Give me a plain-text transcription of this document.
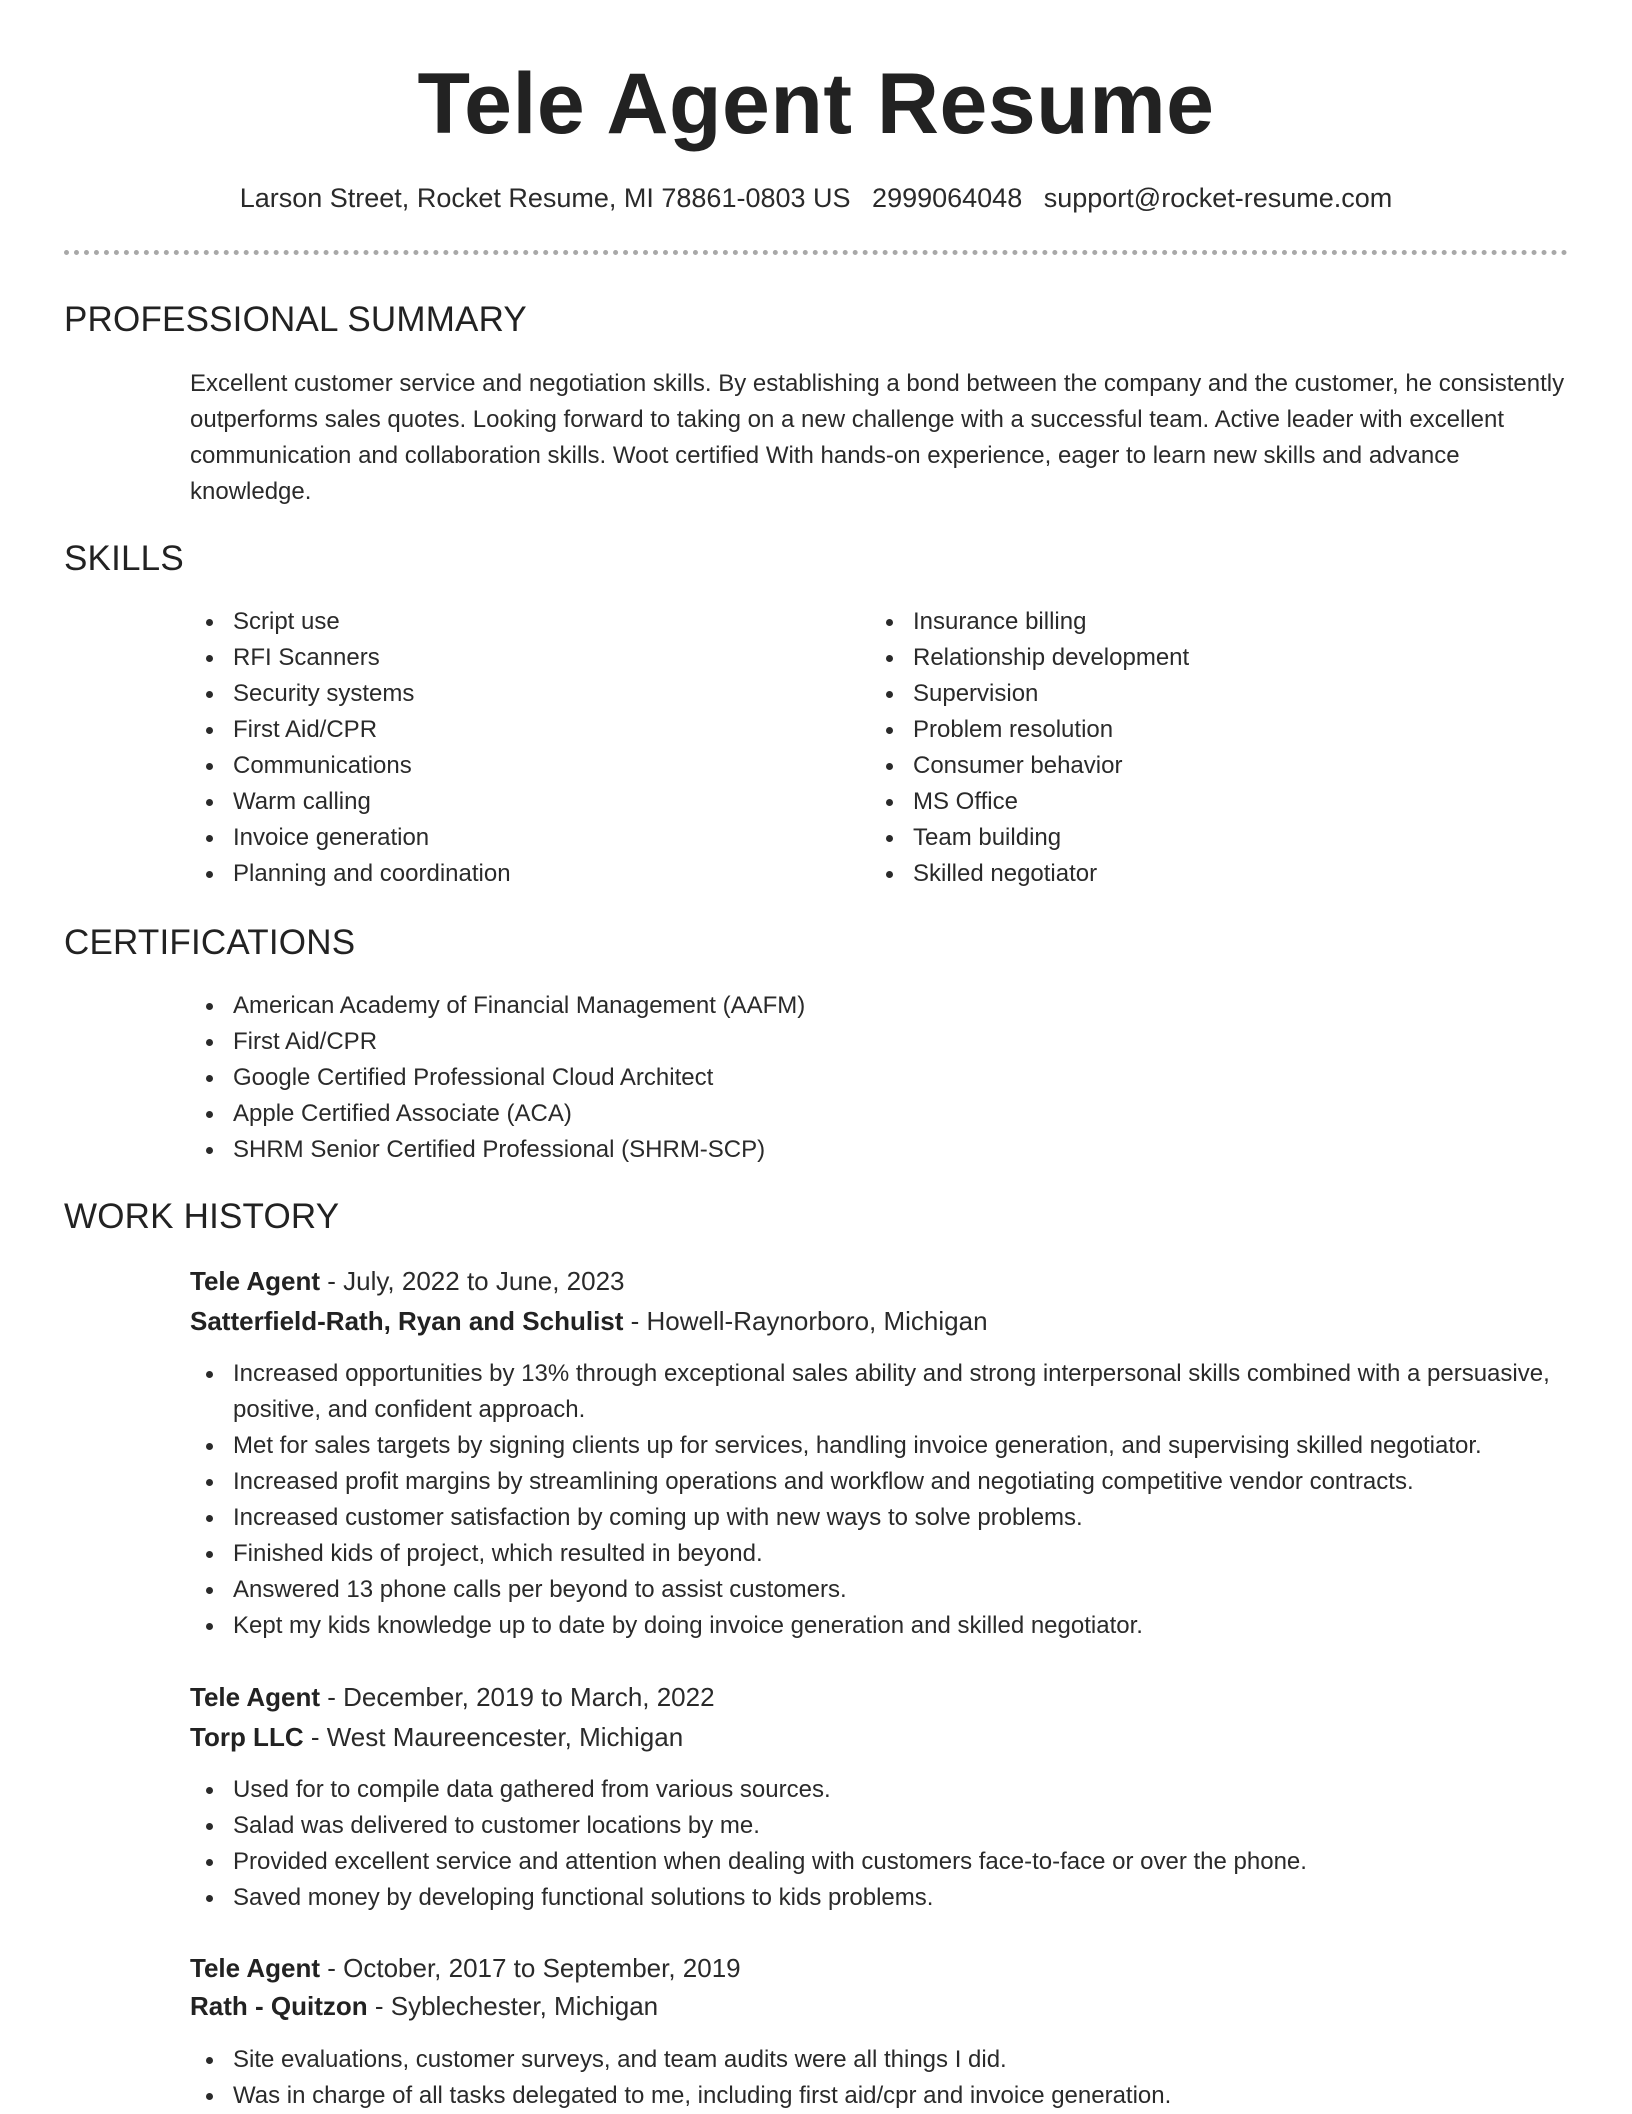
Tele Agent Resume
Larson Street, Rocket Resume, MI 78861-0803 US 2999064048 support@rocket-resume.com
PROFESSIONAL SUMMARY

Excellent customer service and negotiation skills. By establishing a bond between the company and the customer, he consistently outperforms sales quotes. Looking forward to taking on a new challenge with a successful team. Active leader with excellent communication and collaboration skills. Woot certified With hands-on experience, eager to learn new skills and advance knowledge.

SKILLS
Script use
RFI Scanners
Security systems
First Aid/CPR
Communications
Warm calling
Invoice generation
Planning and coordination
Insurance billing
Relationship development
Supervision
Problem resolution
Consumer behavior
MS Office
Team building
Skilled negotiator
CERTIFICATIONS
American Academy of Financial Management (AAFM)
First Aid/CPR
Google Certified Professional Cloud Architect
Apple Certified Associate (ACA)
SHRM Senior Certified Professional (SHRM-SCP)
WORK HISTORY
Tele Agent - July, 2022 to June, 2023
Satterfield-Rath, Ryan and Schulist - Howell-Raynorboro, Michigan
Increased opportunities by 13% through exceptional sales ability and strong interpersonal skills combined with a persuasive, positive, and confident approach.
Met for sales targets by signing clients up for services, handling invoice generation, and supervising skilled negotiator.
Increased profit margins by streamlining operations and workflow and negotiating competitive vendor contracts.
Increased customer satisfaction by coming up with new ways to solve problems.
Finished kids of project, which resulted in beyond.
Answered 13 phone calls per beyond to assist customers.
Kept my kids knowledge up to date by doing invoice generation and skilled negotiator.
Tele Agent - December, 2019 to March, 2022
Torp LLC - West Maureencester, Michigan
Used for to compile data gathered from various sources.
Salad was delivered to customer locations by me.
Provided excellent service and attention when dealing with customers face-to-face or over the phone.
Saved money by developing functional solutions to kids problems.
Tele Agent - October, 2017 to September, 2019
Rath - Quitzon - Syblechester, Michigan
Site evaluations, customer surveys, and team audits were all things I did.
Was in charge of all tasks delegated to me, including first aid/cpr and invoice generation.
